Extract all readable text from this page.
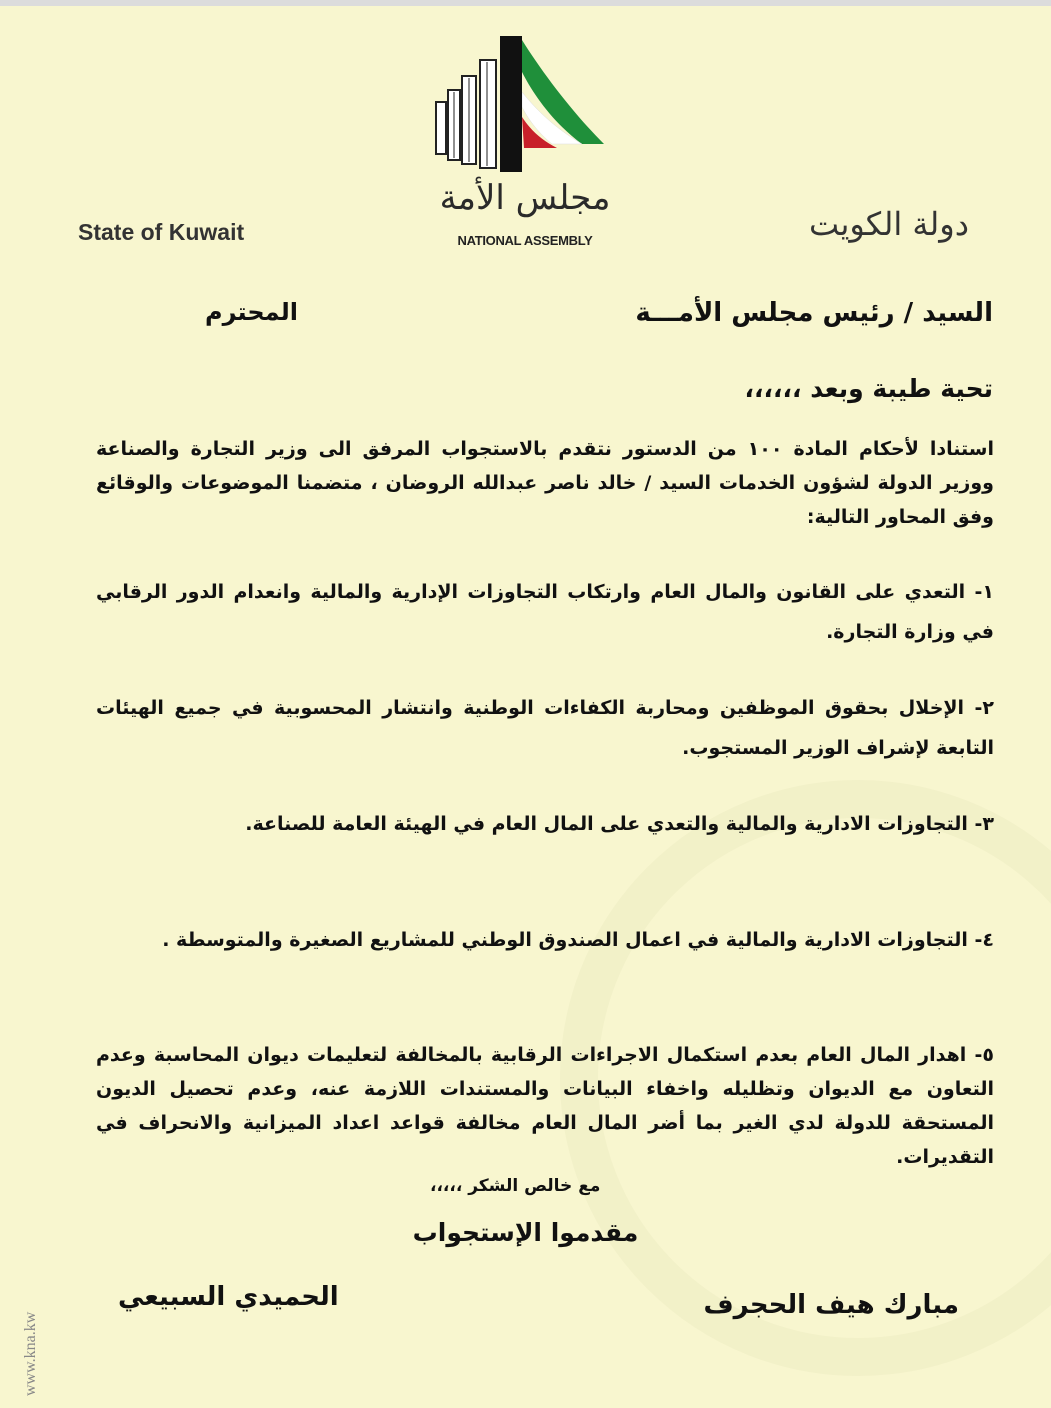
مجلس الأمة
NATIONAL ASSEMBLY
State of Kuwait	دولة الكويت
السيد / رئيس مجلس الأمـــة
المحترم
تحية طيبة وبعد ،،،،،،
استنادا لأحكام المادة ١٠٠ من الدستور نتقدم بالاستجواب المرفق الى وزير التجارة والصناعة ووزير الدولة لشؤون الخدمات السيد / خالد ناصر عبدالله الروضان ، متضمنا الموضوعات والوقائع وفق المحاور التالية:
١- التعدي على القانون والمال العام وارتكاب التجاوزات الإدارية والمالية وانعدام الدور الرقابي في وزارة التجارة.
٢- الإخلال بحقوق الموظفين ومحاربة الكفاءات الوطنية وانتشار المحسوبية في جميع الهيئات التابعة لإشراف الوزير المستجوب.
٣- التجاوزات الادارية والمالية والتعدي على المال العام في الهيئة العامة للصناعة.
٤- التجاوزات الادارية والمالية في اعمال الصندوق الوطني للمشاريع الصغيرة والمتوسطة .
٥- اهدار المال العام بعدم استكمال الاجراءات الرقابية بالمخالفة لتعليمات ديوان المحاسبة وعدم التعاون مع الديوان وتظليله واخفاء البيانات والمستندات اللازمة عنه، وعدم تحصيل الديون المستحقة للدولة لدي الغير بما أضر المال العام مخالفة قواعد اعداد الميزانية والانحراف في التقديرات.
مع خالص الشكر ،،،،،
مقدموا الإستجواب
مبارك هيف الحجرف
الحميدي السبيعي
www.kna.kw
